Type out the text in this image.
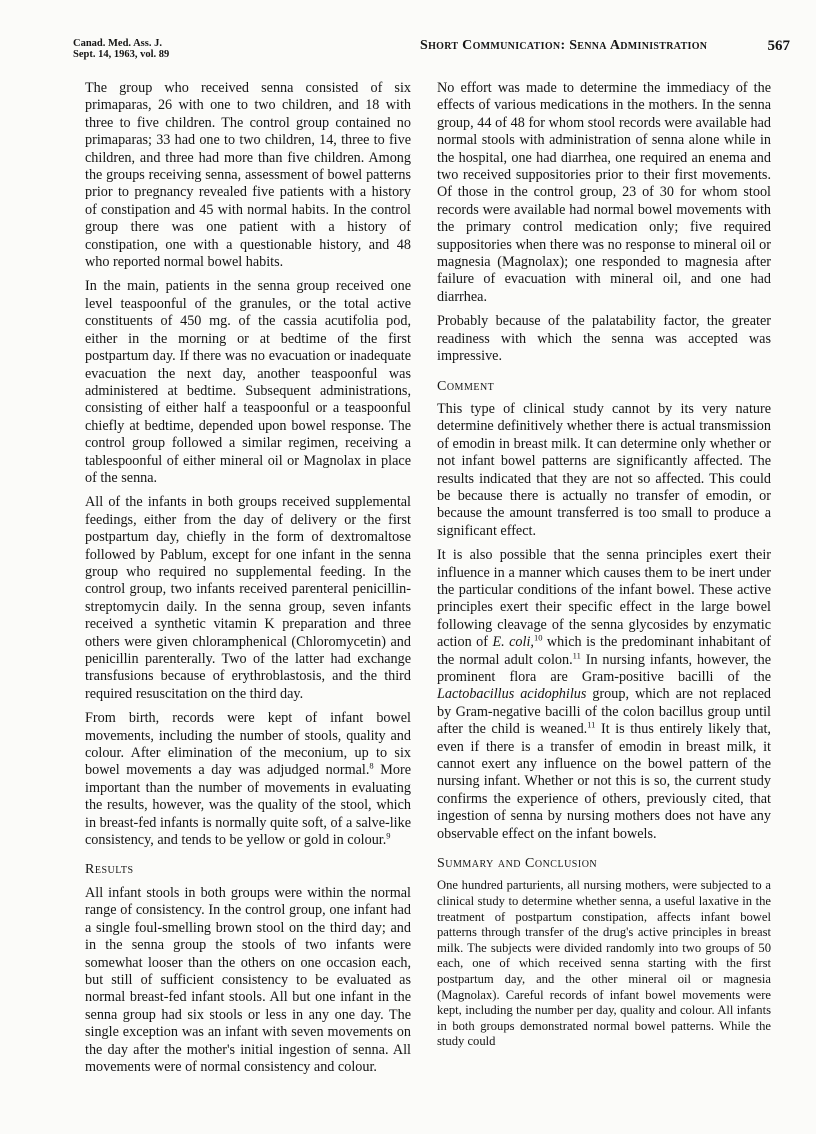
Canad. Med. Ass. J.
Sept. 14, 1963, vol. 89
Short Communication: Senna Administration	567

The group who received senna consisted of six primaparas, 26 with one to two children, and 18 with three to five children. The control group contained no primaparas; 33 had one to two children, 14, three to five children, and three had more than five children. Among the groups receiving senna, assessment of bowel patterns prior to pregnancy revealed five patients with a history of constipation and 45 with normal habits. In the control group there was one patient with a history of constipation, one with a questionable history, and 48 who reported normal bowel habits.

In the main, patients in the senna group received one level teaspoonful of the granules, or the total active constituents of 450 mg. of the cassia acutifolia pod, either in the morning or at bedtime of the first postpartum day. If there was no evacuation or inadequate evacuation the next day, another teaspoonful was administered at bedtime. Subsequent administrations, consisting of either half a teaspoonful or a teaspoonful chiefly at bedtime, depended upon bowel response. The control group followed a similar regimen, receiving a tablespoonful of either mineral oil or Magnolax in place of the senna.

All of the infants in both groups received supplemental feedings, either from the day of delivery or the first postpartum day, chiefly in the form of dextromaltose followed by Pablum, except for one infant in the senna group who required no supplemental feeding. In the control group, two infants received parenteral penicillin-streptomycin daily. In the senna group, seven infants received a synthetic vitamin K preparation and three others were given chloramphenical (Chloromycetin) and penicillin parenterally. Two of the latter had exchange transfusions because of erythroblastosis, and the third required resuscitation on the third day.

From birth, records were kept of infant bowel movements, including the number of stools, quality and colour. After elimination of the meconium, up to six bowel movements a day was adjudged normal.$^8$ More important than the number of movements in evaluating the results, however, was the quality of the stool, which in breast-fed infants is normally quite soft, of a salve-like consistency, and tends to be yellow or gold in colour.$^9$

Results

All infant stools in both groups were within the normal range of consistency. In the control group, one infant had a single foul-smelling brown stool on the third day; and in the senna group the stools of two infants were somewhat looser than the others on one occasion each, but still of sufficient consistency to be evaluated as normal breast-fed infant stools. All but one infant in the senna group had six stools or less in any one day. The single exception was an infant with seven movements on the day after the mother's initial ingestion of senna. All movements were of normal consistency and colour.

No effort was made to determine the immediacy of the effects of various medications in the mothers. In the senna group, 44 of 48 for whom stool records were available had normal stools with administration of senna alone while in the hospital, one had diarrhea, one required an enema and two received suppositories prior to their first movements. Of those in the control group, 23 of 30 for whom stool records were available had normal bowel movements with the primary control medication only; five required suppositories when there was no response to mineral oil or magnesia (Magnolax); one responded to magnesia after failure of evacuation with mineral oil, and one had diarrhea.

Probably because of the palatability factor, the greater readiness with which the senna was accepted was impressive.

Comment

This type of clinical study cannot by its very nature determine definitively whether there is actual transmission of emodin in breast milk. It can determine only whether or not infant bowel patterns are significantly affected. The results indicated that they are not so affected. This could be because there is actually no transfer of emodin, or because the amount transferred is too small to produce a significant effect.

It is also possible that the senna principles exert their influence in a manner which causes them to be inert under the particular conditions of the infant bowel. These active principles exert their specific effect in the large bowel following cleavage of the senna glycosides by enzymatic action of E. coli,$^{10}$ which is the predominant inhabitant of the normal adult colon.$^{11}$ In nursing infants, however, the prominent flora are Gram-positive bacilli of the Lactobacillus acidophilus group, which are not replaced by Gram-negative bacilli of the colon bacillus group until after the child is weaned.$^{11}$ It is thus entirely likely that, even if there is a transfer of emodin in breast milk, it cannot exert any influence on the bowel pattern of the nursing infant. Whether or not this is so, the current study confirms the experience of others, previously cited, that ingestion of senna by nursing mothers does not have any observable effect on the infant bowels.

Summary and Conclusion

One hundred parturients, all nursing mothers, were subjected to a clinical study to determine whether senna, a useful laxative in the treatment of postpartum constipation, affects infant bowel patterns through transfer of the drug's active principles in breast milk. The subjects were divided randomly into two groups of 50 each, one of which received senna starting with the first postpartum day, and the other mineral oil or magnesia (Magnolax). Careful records of infant bowel movements were kept, including the number per day, quality and colour. All infants in both groups demonstrated normal bowel patterns. While the study could
